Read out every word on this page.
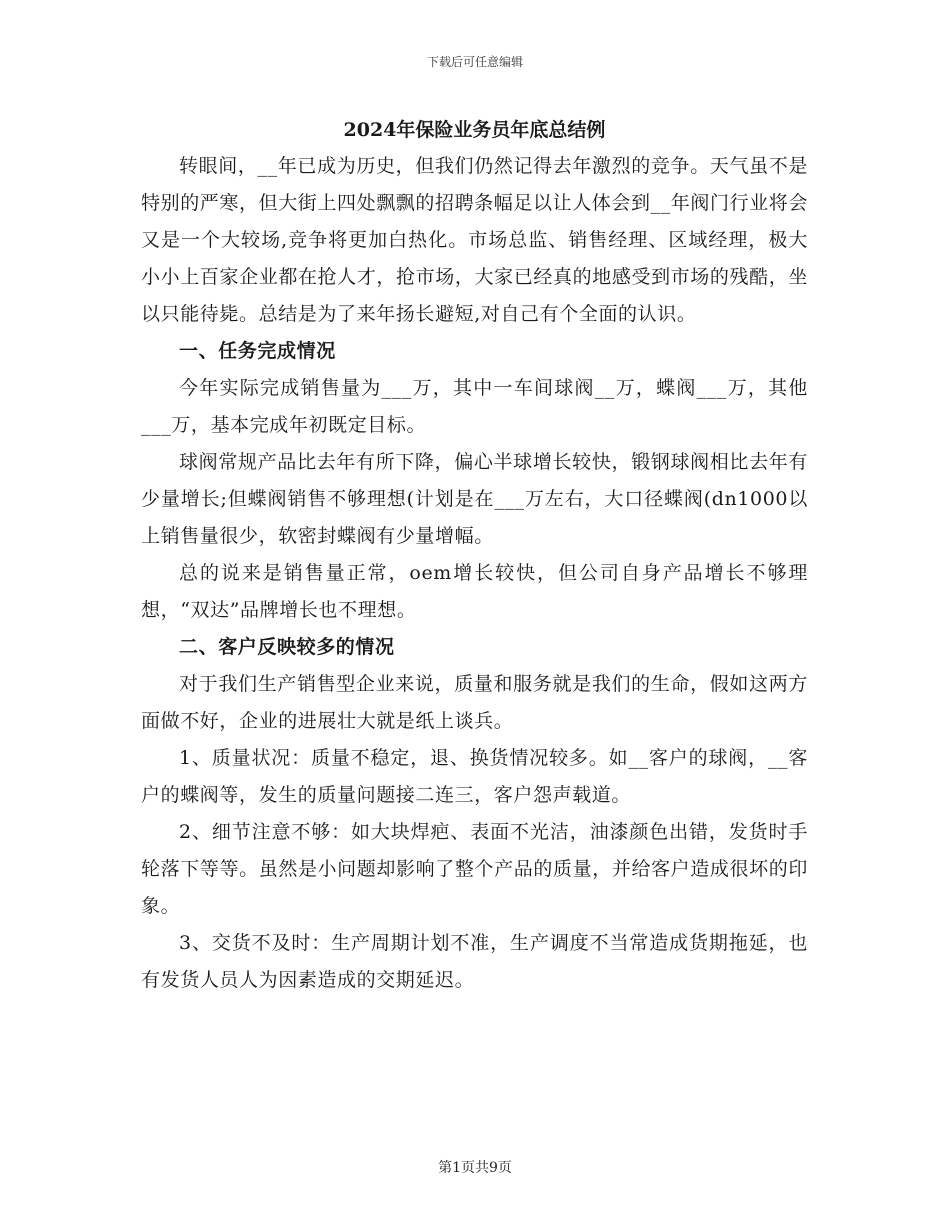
下载后可任意编辑
2024年保险业务员年底总结例

转眼间，__年已成为历史，但我们仍然记得去年激烈的竞争。天气虽不是特别的严寒，但大街上四处飘飘的招聘条幅足以让人体会到__年阀门行业将会又是一个大较场,竞争将更加白热化。市场总监、销售经理、区域经理，极大小小上百家企业都在抢人才，抢市场，大家已经真的地感受到市场的残酷，坐以只能待毙。总结是为了来年扬长避短,对自己有个全面的认识。

一、任务完成情况

今年实际完成销售量为___万，其中一车间球阀__万，蝶阀___万，其他___万，基本完成年初既定目标。

球阀常规产品比去年有所下降，偏心半球增长较快，锻钢球阀相比去年有少量增长;但蝶阀销售不够理想(计划是在___万左右，大口径蝶阀(dn1000以上销售量很少，软密封蝶阀有少量增幅。

总的说来是销售量正常，oem增长较快，但公司自身产品增长不够理想，“双达”品牌增长也不理想。

二、客户反映较多的情况

对于我们生产销售型企业来说，质量和服务就是我们的生命，假如这两方面做不好，企业的进展壮大就是纸上谈兵。

1、质量状况：质量不稳定，退、换货情况较多。如__客户的球阀，__客户的蝶阀等，发生的质量问题接二连三，客户怨声载道。

2、细节注意不够：如大块焊疤、表面不光洁，油漆颜色出错，发货时手轮落下等等。虽然是小问题却影响了整个产品的质量，并给客户造成很坏的印象。

3、交货不及时：生产周期计划不准，生产调度不当常造成货期拖延，也有发货人员人为因素造成的交期延迟。

第1页共9页
